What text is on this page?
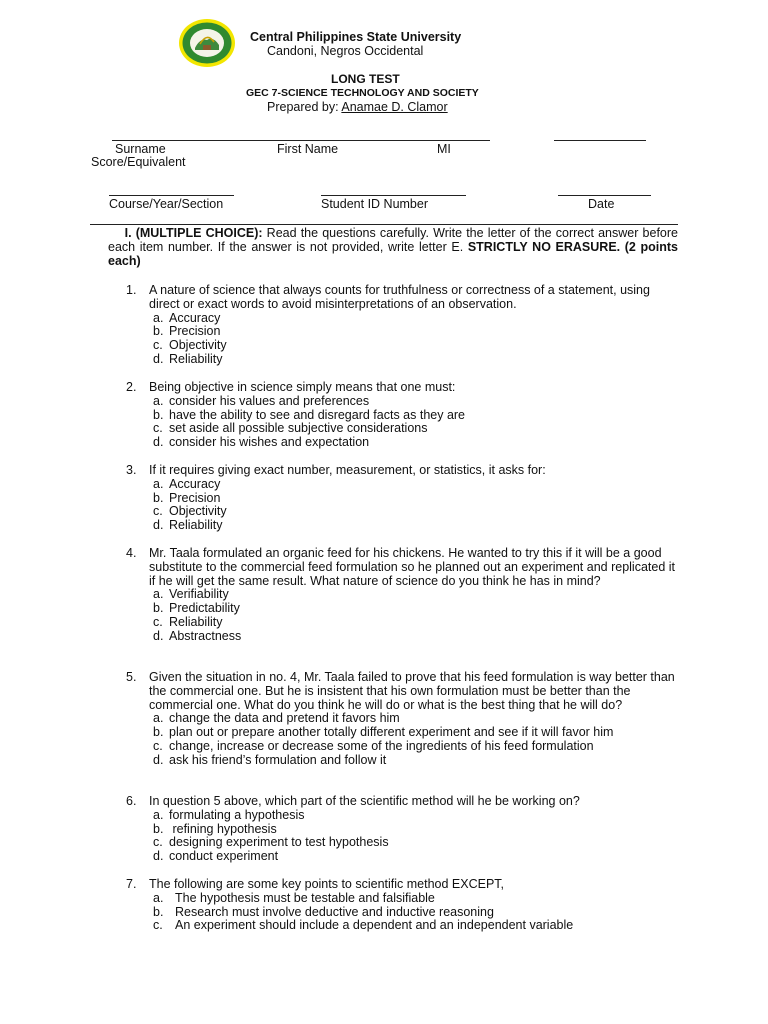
Central Philippines State University
Candoni, Negros Occidental
LONG TEST
GEC 7-SCIENCE TECHNOLOGY AND SOCIETY
Prepared by: Anamae D. Clamor
Surname	First Name	MI
Score/Equivalent
Course/Year/Section	Student ID Number	Date

I. (MULTIPLE CHOICE): Read the questions carefully. Write the letter of the correct answer before each item number. If the answer is not provided, write letter E. STRICTLY NO ERASURE. (2 points each)

1. A nature of science that always counts for truthfulness or correctness of a statement, using direct or exact words to avoid misinterpretations of an observation.
a. Accuracy
b. Precision
c. Objectivity
d. Reliability
2. Being objective in science simply means that one must:
a. consider his values and preferences
b. have the ability to see and disregard facts as they are
c. set aside all possible subjective considerations
d. consider his wishes and expectation
3. If it requires giving exact number, measurement, or statistics, it asks for:
a. Accuracy
b. Precision
c. Objectivity
d. Reliability
4. Mr. Taala formulated an organic feed for his chickens. He wanted to try this if it will be a good substitute to the commercial feed formulation so he planned out an experiment and replicated it if he will get the same result. What nature of science do you think he has in mind?
a. Verifiability
b. Predictability
c. Reliability
d. Abstractness
5. Given the situation in no. 4, Mr. Taala failed to prove that his feed formulation is way better than the commercial one. But he is insistent that his own formulation must be better than the commercial one. What do you think he will do or what is the best thing that he will do?
a. change the data and pretend it favors him
b. plan out or prepare another totally different experiment and see if it will favor him
c. change, increase or decrease some of the ingredients of his feed formulation
d. ask his friend’s formulation and follow it
6. In question 5 above, which part of the scientific method will he be working on?
a. formulating a hypothesis
b. refining hypothesis
c. designing experiment to test hypothesis
d. conduct experiment
7. The following are some key points to scientific method EXCEPT,
a. The hypothesis must be testable and falsifiable
b. Research must involve deductive and inductive reasoning
c. An experiment should include a dependent and an independent variable
